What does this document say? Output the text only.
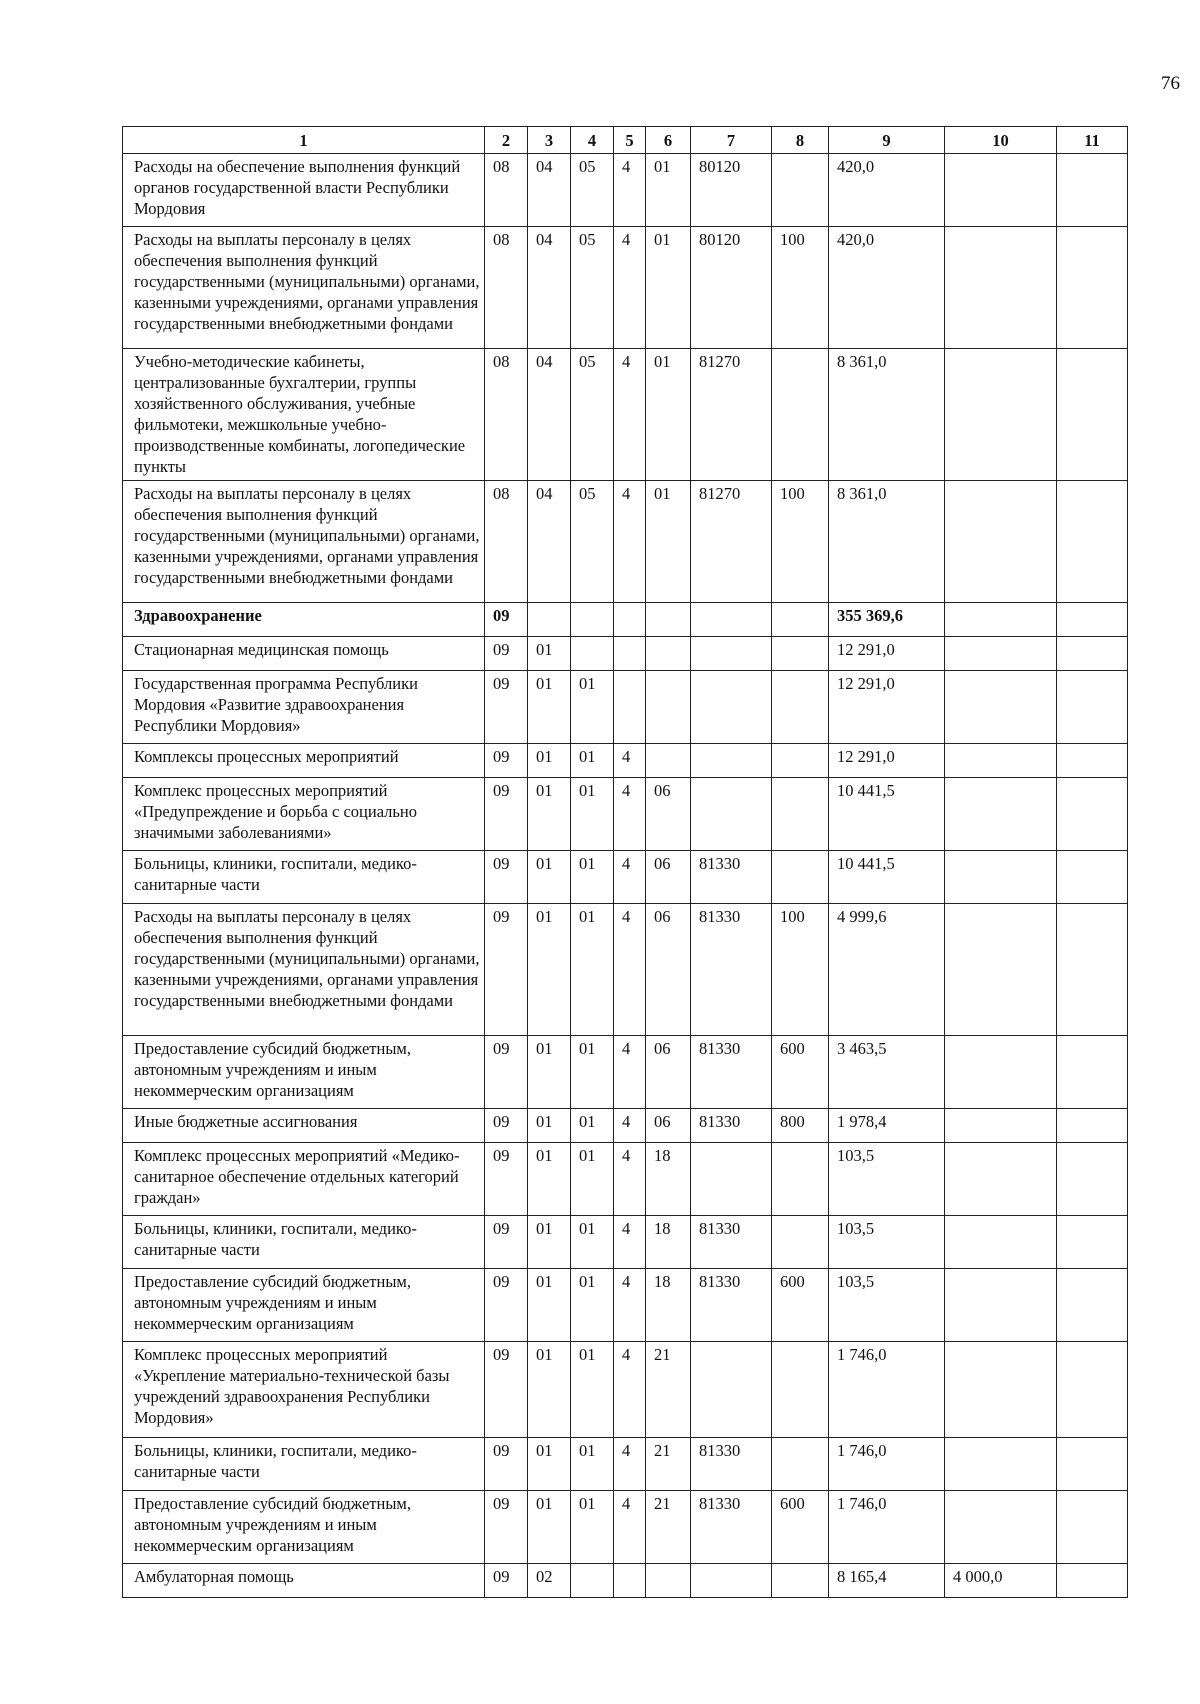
76
1	2	3	4	5	6	7	8	9	10	11
Расходы на обеспечение выполнения функций органов государственной власти Республики Мордовия	08	04	05	4	01	80120		420,0		
Расходы на выплаты персоналу в целях обеспечения выполнения функций государственными (муниципальными) органами, казенными учреждениями, органами управления государственными внебюджетными фондами	08	04	05	4	01	80120	100	420,0		
Учебно-методические кабинеты, централизованные бухгалтерии, группы хозяйственного обслуживания, учебные фильмотеки, межшкольные учебно-производственные комбинаты, логопедические пункты	08	04	05	4	01	81270		8 361,0		
Расходы на выплаты персоналу в целях обеспечения выполнения функций государственными (муниципальными) органами, казенными учреждениями, органами управления государственными внебюджетными фондами	08	04	05	4	01	81270	100	8 361,0		
Здравоохранение	09							355 369,6		
Стационарная медицинская помощь	09	01						12 291,0		
Государственная программа Республики Мордовия «Развитие здравоохранения Республики Мордовия»	09	01	01					12 291,0		
Комплексы процессных мероприятий	09	01	01	4				12 291,0		
Комплекс процессных мероприятий «Предупреждение и борьба с социально значимыми заболеваниями»	09	01	01	4	06			10 441,5		
Больницы, клиники, госпитали, медико-санитарные части	09	01	01	4	06	81330		10 441,5		
Расходы на выплаты персоналу в целях обеспечения выполнения функций государственными (муниципальными) органами, казенными учреждениями, органами управления государственными внебюджетными фондами	09	01	01	4	06	81330	100	4 999,6		
Предоставление субсидий бюджетным, автономным учреждениям и иным некоммерческим организациям	09	01	01	4	06	81330	600	3 463,5		
Иные бюджетные ассигнования	09	01	01	4	06	81330	800	1 978,4		
Комплекс процессных мероприятий «Медико-санитарное обеспечение отдельных категорий граждан»	09	01	01	4	18			103,5		
Больницы, клиники, госпитали, медико-санитарные части	09	01	01	4	18	81330		103,5		
Предоставление субсидий бюджетным, автономным учреждениям и иным некоммерческим организациям	09	01	01	4	18	81330	600	103,5		
Комплекс процессных мероприятий «Укрепление материально-технической базы учреждений здравоохранения Республики Мордовия»	09	01	01	4	21			1 746,0		
Больницы, клиники, госпитали, медико-санитарные части	09	01	01	4	21	81330		1 746,0		
Предоставление субсидий бюджетным, автономным учреждениям и иным некоммерческим организациям	09	01	01	4	21	81330	600	1 746,0		
Амбулаторная помощь	09	02						8 165,4	4 000,0	
